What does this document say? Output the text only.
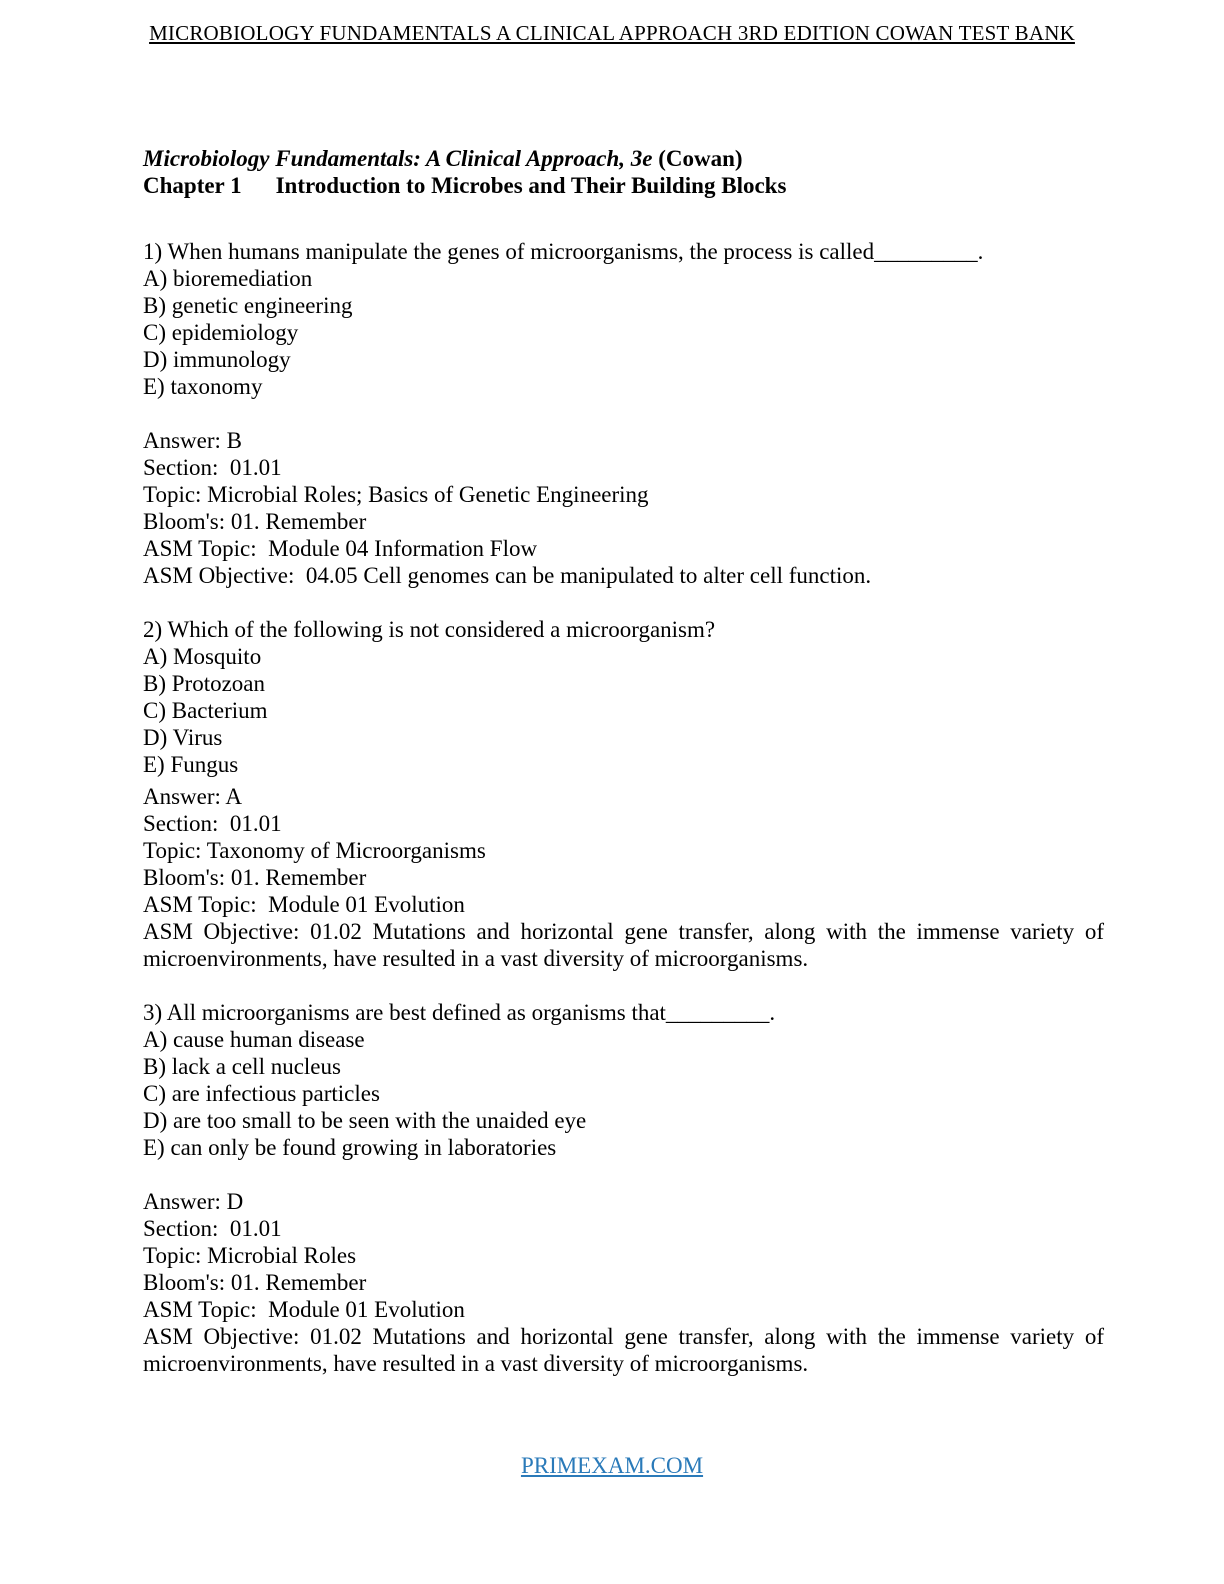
MICROBIOLOGY FUNDAMENTALS A CLINICAL APPROACH 3RD EDITION COWAN TEST BANK
Microbiology Fundamentals: A Clinical Approach, 3e (Cowan)
Chapter 1 Introduction to Microbes and Their Building Blocks
1) When humans manipulate the genes of microorganisms, the process is called_________.
A) bioremediation
B) genetic engineering
C) epidemiology
D) immunology
E) taxonomy
Answer: B
Section:  01.01
Topic: Microbial Roles; Basics of Genetic Engineering
Bloom's: 01. Remember
ASM Topic:  Module 04 Information Flow
ASM Objective:  04.05 Cell genomes can be manipulated to alter cell function.
2) Which of the following is not considered a microorganism?
A) Mosquito
B) Protozoan
C) Bacterium
D) Virus
E) Fungus
Answer: A
Section:  01.01
Topic: Taxonomy of Microorganisms
Bloom's: 01. Remember
ASM Topic:  Module 01 Evolution
ASM Objective: 01.02 Mutations and horizontal gene transfer, along with the immense variety of microenvironments, have resulted in a vast diversity of microorganisms.
3) All microorganisms are best defined as organisms that_________.
A) cause human disease
B) lack a cell nucleus
C) are infectious particles
D) are too small to be seen with the unaided eye
E) can only be found growing in laboratories
Answer: D
Section:  01.01
Topic: Microbial Roles
Bloom's: 01. Remember
ASM Topic:  Module 01 Evolution
ASM Objective: 01.02 Mutations and horizontal gene transfer, along with the immense variety of microenvironments, have resulted in a vast diversity of microorganisms.
PRIMEXAM.COM
